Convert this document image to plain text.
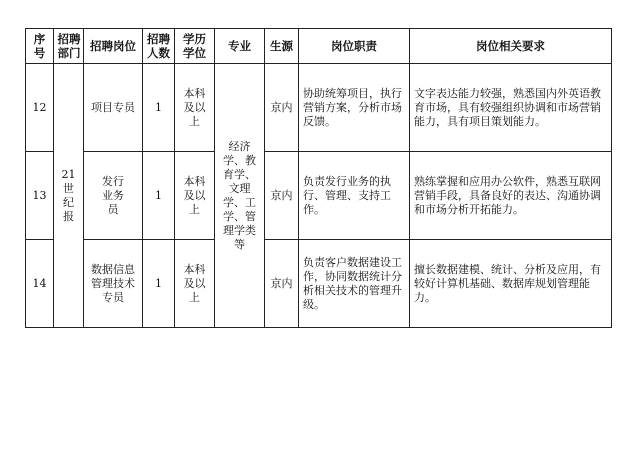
序号	招聘部门	招聘岗位	招聘人数	学历学位	专业	生源	岗位职责	岗位相关要求
12	21世纪报	项目专员	1	本科及以上	经济学、教育学、文理学、工学、管理学类等	京内	协助统筹项目，执行营销方案，分析市场反馈。	文字表达能力较强，熟悉国内外英语教育市场，具有较强组织协调和市场营销能力，具有项目策划能力。
13		发行业务员	1	本科及以上		京内	负责发行业务的执行、管理、支持工作。	熟练掌握和应用办公软件，熟悉互联网营销手段，具备良好的表达、沟通协调和市场分析开拓能力。
14		数据信息管理技术专员	1	本科及以上		京内	负责客户数据建设工作，协同数据统计分析相关技术的管理升级。	擅长数据建模、统计、分析及应用，有较好计算机基础、数据库规划管理能力。
